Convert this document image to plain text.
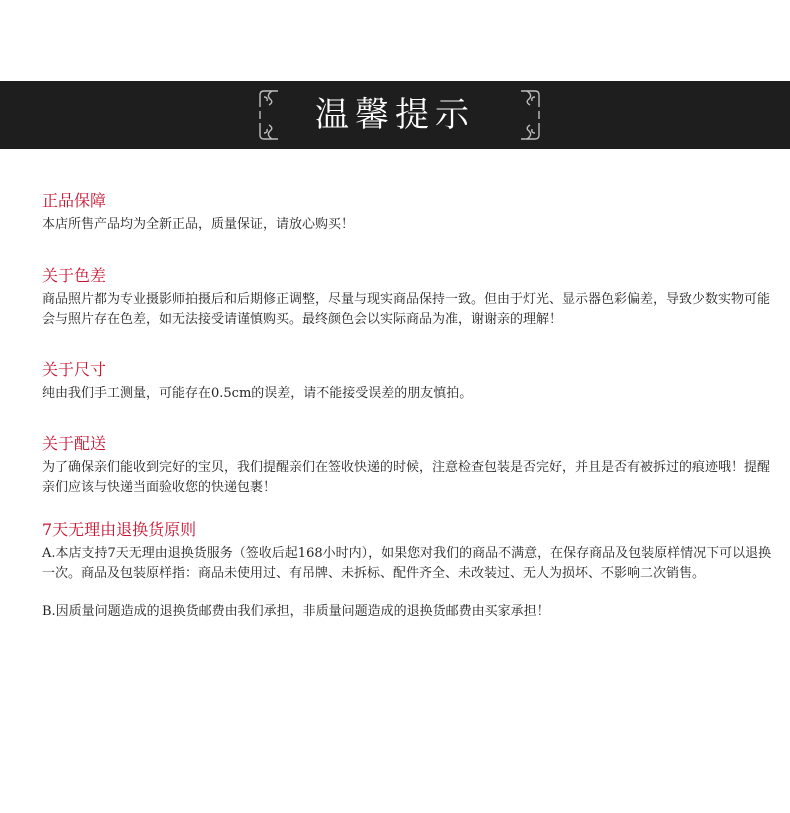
温馨提示
正品保障

本店所售产品均为全新正品，质量保证，请放心购买！

关于色差

商品照片都为专业摄影师拍摄后和后期修正调整，尽量与现实商品保持一致。但由于灯光、显示器色彩偏差，导致少数实物可能会与照片存在色差，如无法接受请谨慎购买。最终颜色会以实际商品为准，谢谢亲的理解！

关于尺寸

纯由我们手工测量，可能存在0.5cm的误差，请不能接受误差的朋友慎拍。

关于配送

为了确保亲们能收到完好的宝贝，我们提醒亲们在签收快递的时候，注意检查包装是否完好，并且是否有被拆过的痕迹哦！提醒亲们应该与快递当面验收您的快递包裹！

7天无理由退换货原则

A.本店支持7天无理由退换货服务（签收后起168小时内），如果您对我们的商品不满意，在保存商品及包装原样情况下可以退换一次。商品及包装原样指：商品未使用过、有吊牌、未拆标、配件齐全、未改装过、无人为损坏、不影响二次销售。

B.因质量问题造成的退换货邮费由我们承担，非质量问题造成的退换货邮费由买家承担！
